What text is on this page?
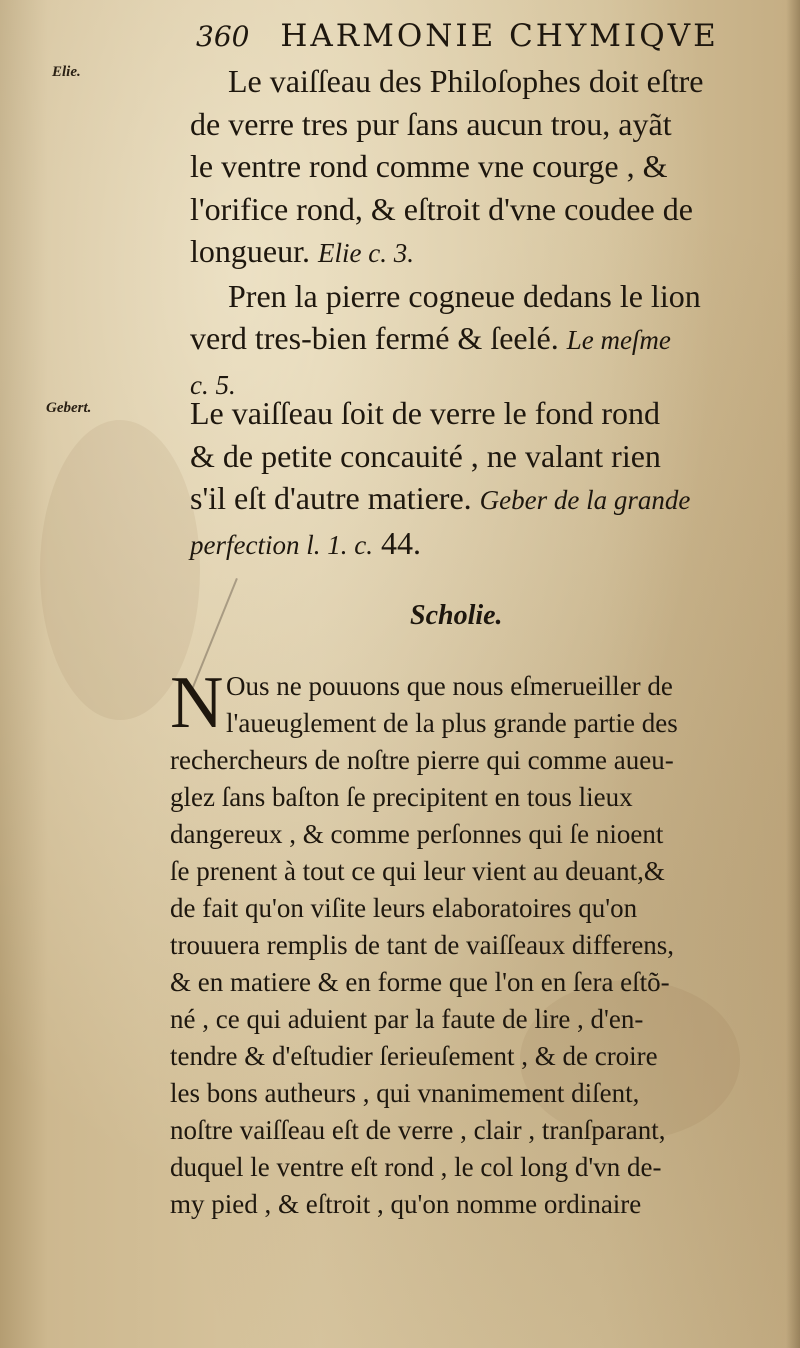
360 HARMONIE CHYMIQVE
Elie.
Gebert.
Le vaiſſeau des Philoſophes doit eſtre
de verre tres pur ſans aucun trou, ayãt
le ventre rond comme vne courge , &
l'orifice rond, & eſtroit d'vne coudee de
longueur. Elie c. 3.
Pren la pierre cogneue dedans le lion
verd tres-bien fermé & ſeelé. Le meſme
c. 5.
Le vaiſſeau ſoit de verre le fond rond
& de petite concauité , ne valant rien
s'il eſt d'autre matiere. Geber de la grande
perfection l. 1. c. 44.
Scholie.
N Ous ne pouuons que nous eſmerueiller de
l'aueuglement de la plus grande partie des
rechercheurs de noſtre pierre qui comme aueu-
glez ſans baſton ſe precipitent en tous lieux
dangereux , & comme perſonnes qui ſe nioent
ſe prenent à tout ce qui leur vient au deuant,&
de fait qu'on viſite leurs elaboratoires qu'on
trouuera remplis de tant de vaiſſeaux differens,
& en matiere & en forme que l'on en ſera eſtõ-
né , ce qui aduient par la faute de lire , d'en-
tendre & d'eſtudier ſerieuſement , & de croire
les bons autheurs , qui vnanimement diſent,
noſtre vaiſſeau eſt de verre , clair , tranſparant,
duquel le ventre eſt rond , le col long d'vn de-
my pied , & eſtroit , qu'on nomme ordinaire
